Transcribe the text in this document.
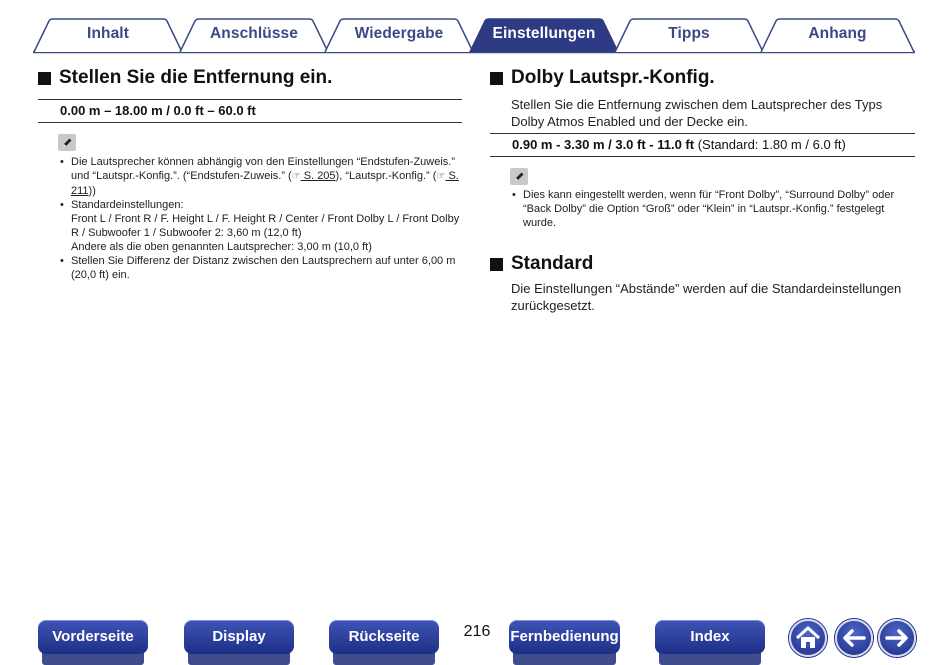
Inhalt	Anschlüsse	Wiedergabe	Einstellungen	Tipps	Anhang
Stellen Sie die Entfernung ein.
0.00 m – 18.00 m / 0.0 ft – 60.0 ft
• Die Lautsprecher können abhängig von den Einstellungen “Endstufen-Zuweis.” und “Lautspr.-Konfig.”. (“Endstufen-Zuweis.” (☞ S. 205), “Lautspr.-Konfig.” (☞ S. 211))
• Standardeinstellungen:
Front L / Front R / F. Height L / F. Height R / Center / Front Dolby L / Front Dolby R / Subwoofer 1 / Subwoofer 2: 3,60 m (12,0 ft)
Andere als die oben genannten Lautsprecher: 3,00 m (10,0 ft)
• Stellen Sie Differenz der Distanz zwischen den Lautsprechern auf unter 6,00 m (20,0 ft) ein.
Dolby Lautspr.-Konfig.

Stellen Sie die Entfernung zwischen dem Lautsprecher des Typs Dolby Atmos Enabled und der Decke ein.

0.90 m - 3.30 m / 3.0 ft - 11.0 ft (Standard: 1.80 m / 6.0 ft)
• Dies kann eingestellt werden, wenn für “Front Dolby”, “Surround Dolby” oder “Back Dolby” die Option “Groß” oder “Klein” in “Lautspr.-Konfig.” festgelegt wurde.
Standard

Die Einstellungen “Abstände” werden auf die Standardeinstellungen zurückgesetzt.

Vorderseite	Display	Rückseite	216	Fernbedienung	Index
